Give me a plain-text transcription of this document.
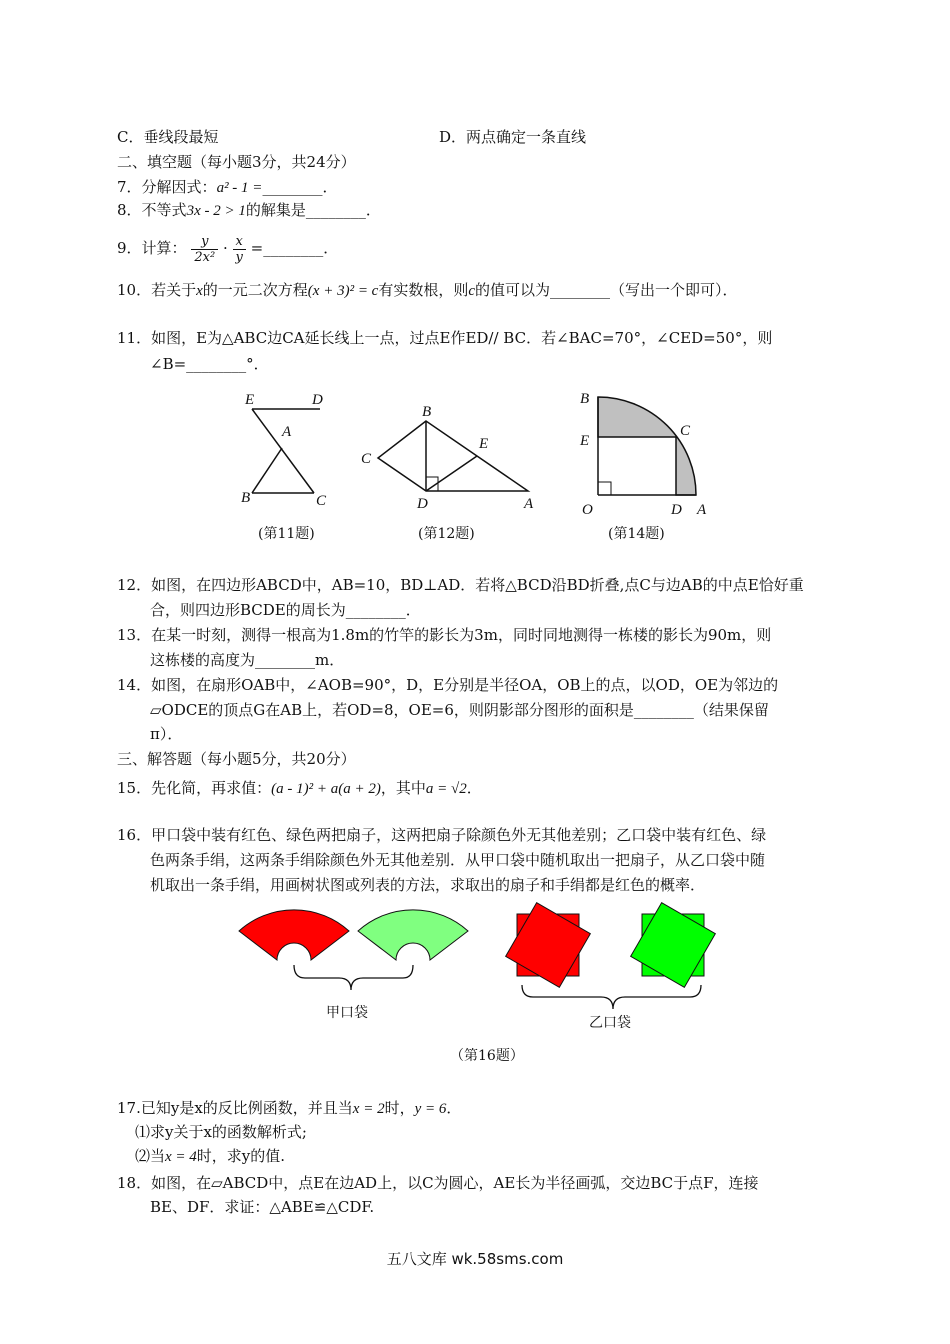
C．垂线段最短	D．两点确定一条直线
二、填空题（每小题3分，共24分）
7．分解因式：a² - 1 =________．
8．不等式3x - 2 > 1的解集是________．
9．计算： $\frac{y}{\text{2x²}} \cdot \frac{x}{y}$ =________．
10．若关于x的一元二次方程(x + 3)² = c有实数根，则c的值可以为________（写出一个即可）．
11．如图，E为△ABC边CA延长线上一点，过点E作ED// BC．若∠BAC=70°，∠CED=50°，则
∠B=________°．
E	D
A
B	C
(第11题)
B
E
C
D	A
(第12题)
B
E
C
O	D A
(第14题)
12．如图，在四边形ABCD中，AB=10，BD⊥AD．若将△BCD沿BD折叠,点C与边AB的中点E恰好重
合，则四边形BCDE的周长为________．
13．在某一时刻，测得一根高为1.8m的竹竿的影长为3m，同时同地测得一栋楼的影长为90m，则
这栋楼的高度为________m．
14．如图，在扇形OAB中，∠AOB=90°，D，E分别是半径OA，OB上的点，以OD，OE为邻边的
▱ODCE的顶点G在AB上，若OD=8，OE=6，则阴影部分图形的面积是________（结果保留
π）．
三、解答题（每小题5分，共20分）
15．先化简，再求值：(a - 1)² + a(a + 2)，其中a = √2．
16．甲口袋中装有红色、绿色两把扇子，这两把扇子除颜色外无其他差别；乙口袋中装有红色、绿
色两条手绢，这两条手绢除颜色外无其他差别．从甲口袋中随机取出一把扇子，从乙口袋中随
机取出一条手绢，用画树状图或列表的方法，求取出的扇子和手绢都是红色的概率．
甲口袋
乙口袋
（第16题）
17.已知y是x的反比例函数，并且当x = 2时，y = 6．
⑴求y关于x的函数解析式;
⑵当x = 4时，求y的值.
18．如图，在▱ABCD中，点E在边AD上，以C为圆心，AE长为半径画弧，交边BC于点F，连接
BE、DF．求证：△ABE≌△CDF.
五八文库 wk.58sms.com
